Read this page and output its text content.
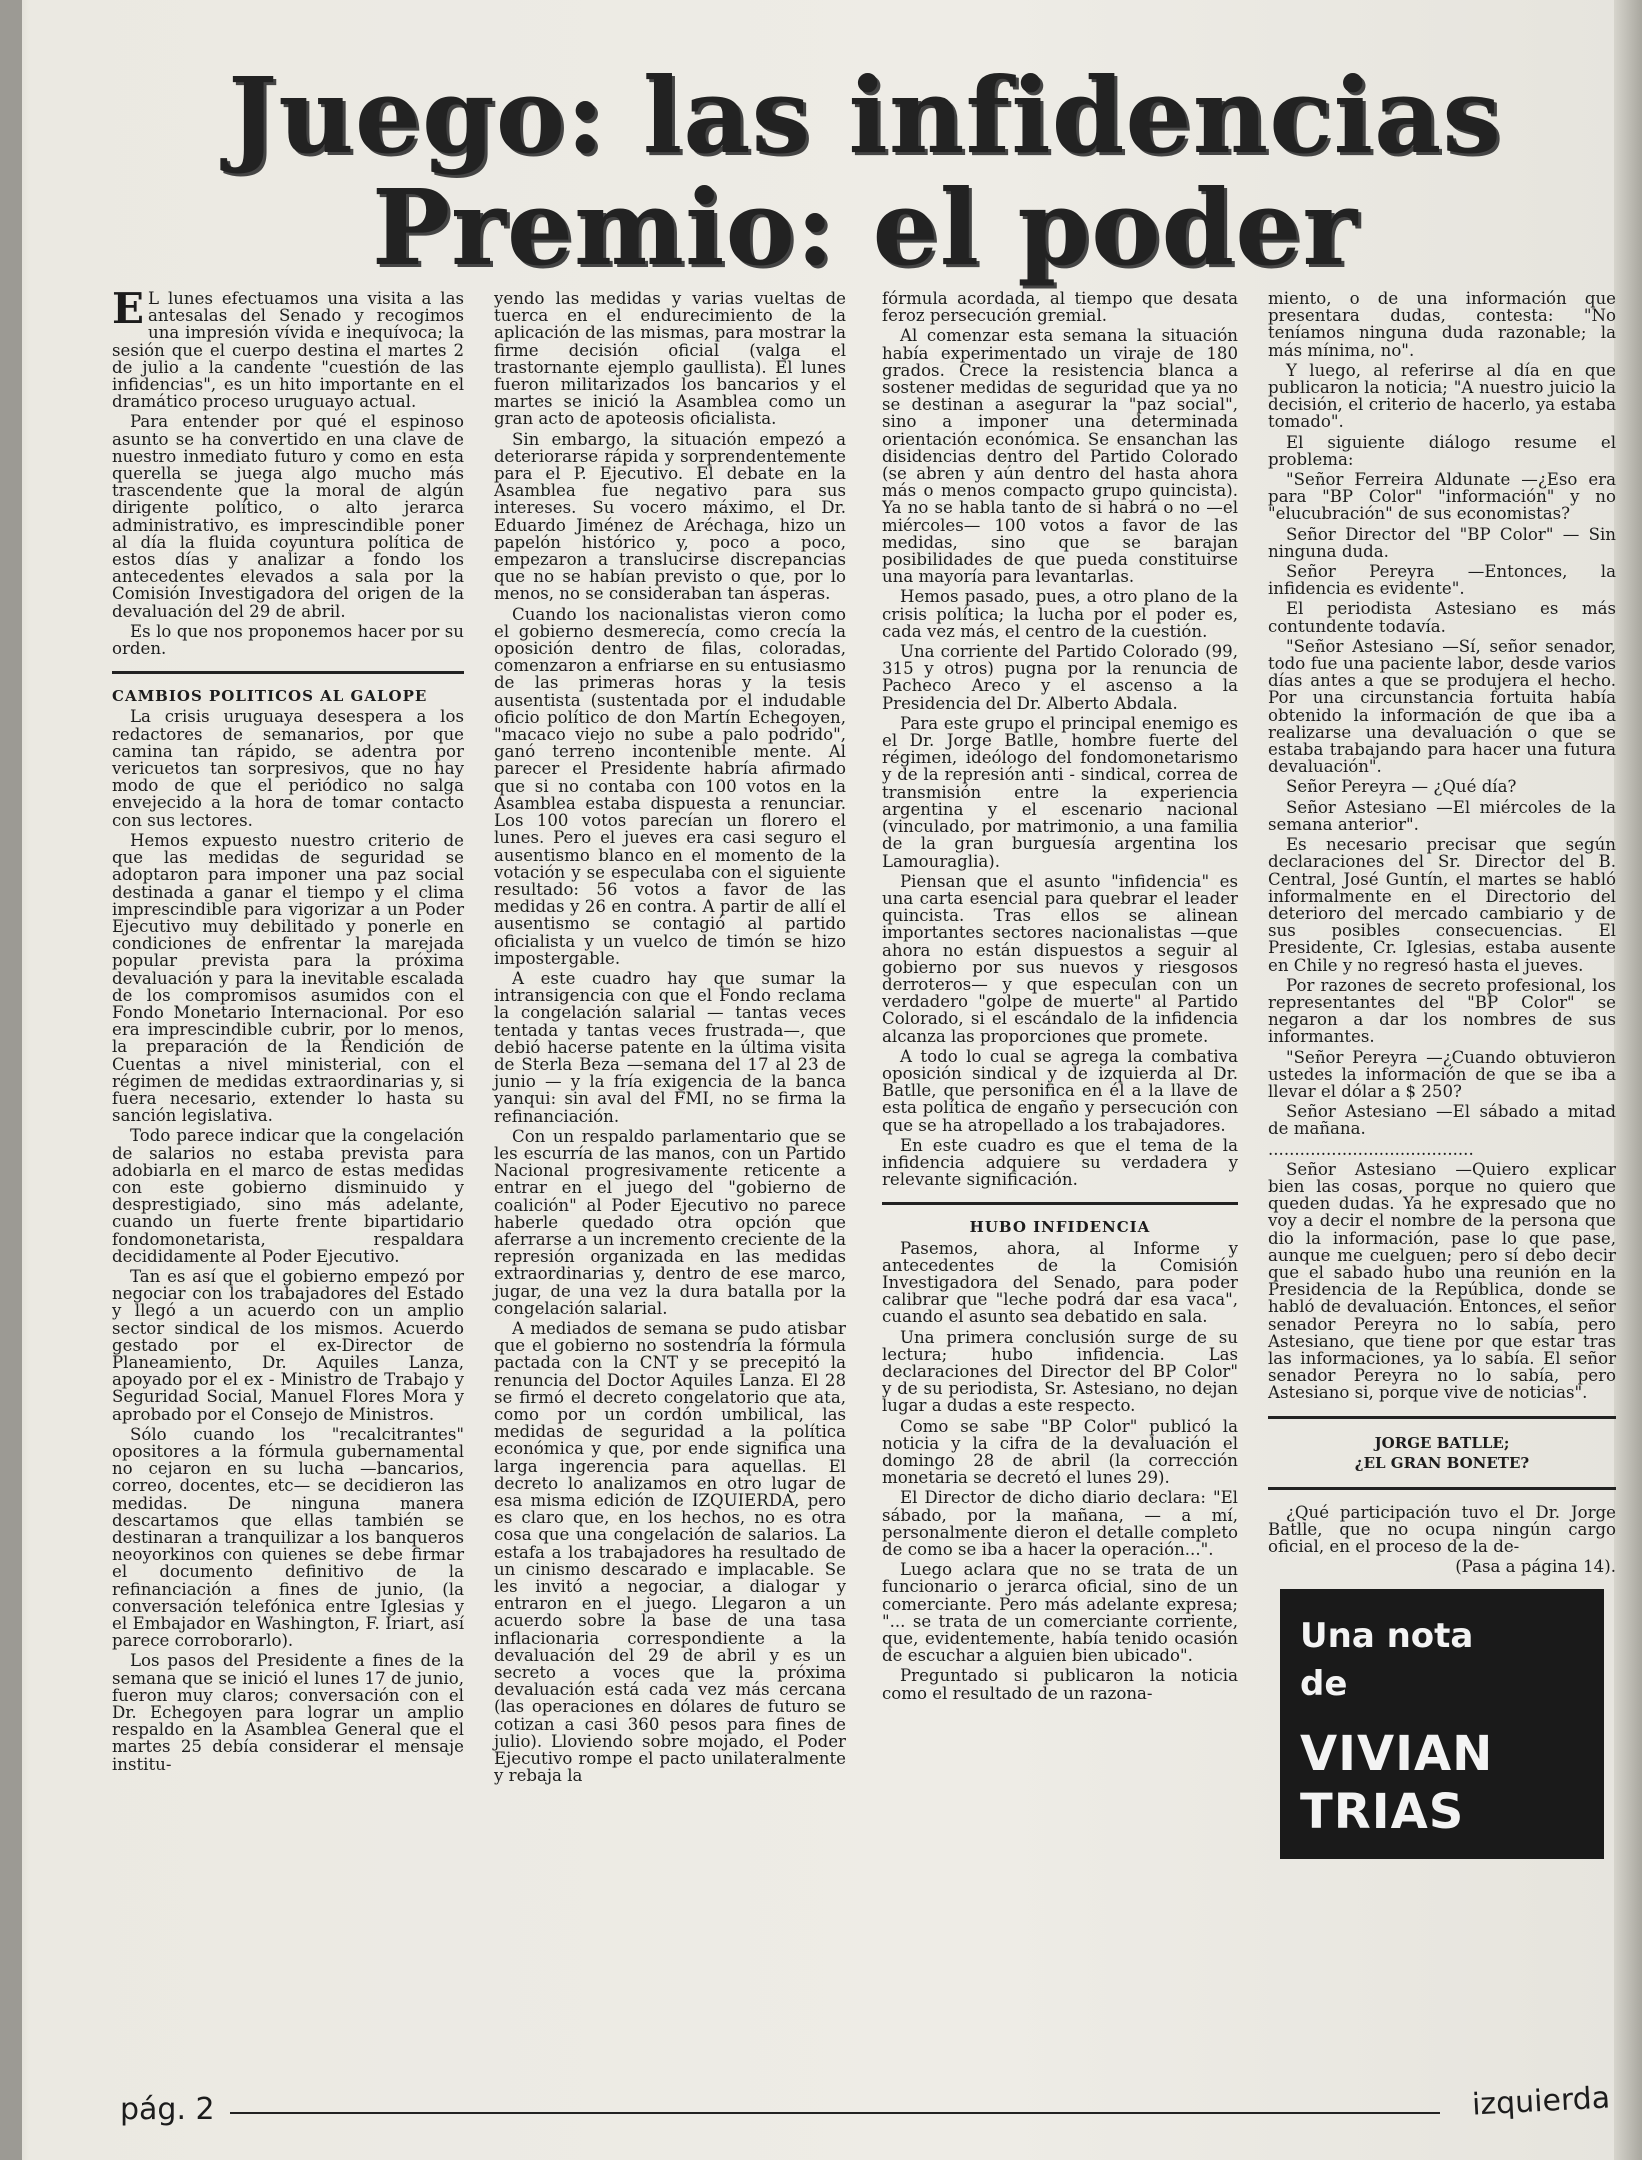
Juego: las infidencias
Premio: el poder

E L lunes efectuamos una visita a las antesalas del Senado y recogimos una impresión vívida e inequívoca; la sesión que el cuerpo destina el martes 2 de julio a la candente "cuestión de las infidencias", es un hito importante en el dramático proceso uruguayo actual.

Para entender por qué el espinoso asunto se ha convertido en una clave de nuestro inmediato futuro y como en esta querella se juega algo mucho más trascendente que la moral de algún dirigente político, o alto jerarca administrativo, es imprescindible poner al día la fluida coyuntura política de estos días y analizar a fondo los antecedentes elevados a sala por la Comisión Investigadora del origen de la devaluación del 29 de abril.

Es lo que nos proponemos hacer por su orden.

CAMBIOS POLITICOS AL GALOPE

La crisis uruguaya desespera a los redactores de semanarios, por que camina tan rápido, se adentra por vericuetos tan sorpresivos, que no hay modo de que el periódico no salga envejecido a la hora de tomar contacto con sus lectores.

Hemos expuesto nuestro criterio de que las medidas de seguridad se adoptaron para imponer una paz social destinada a ganar el tiempo y el clima imprescindible para vigorizar a un Poder Ejecutivo muy debilitado y ponerle en condiciones de enfrentar la marejada popular prevista para la próxima devaluación y para la inevitable escalada de los compromisos asumidos con el Fondo Monetario Internacional. Por eso era imprescindible cubrir, por lo menos, la preparación de la Rendición de Cuentas a nivel ministerial, con el régimen de medidas extraordinarias y, si fuera necesario, extender lo hasta su sanción legislativa.

Todo parece indicar que la congelación de salarios no estaba prevista para adobiarla en el marco de estas medidas con este gobierno disminuido y desprestigiado, sino más adelante, cuando un fuerte frente bipartidario fondomonetarista, respaldara decididamente al Poder Ejecutivo.

Tan es así que el gobierno empezó por negociar con los trabajadores del Estado y llegó a un acuerdo con un amplio sector sindical de los mismos. Acuerdo gestado por el ex-Director de Planeamiento, Dr. Aquiles Lanza, apoyado por el ex - Ministro de Trabajo y Seguridad Social, Manuel Flores Mora y aprobado por el Consejo de Ministros.

Sólo cuando los "recalcitrantes" opositores a la fórmula gubernamental no cejaron en su lucha —bancarios, correo, docentes, etc— se decidieron las medidas. De ninguna manera descartamos que ellas también se destinaran a tranquilizar a los banqueros neoyorkinos con quienes se debe firmar el documento definitivo de la refinanciación a fines de junio, (la conversación telefónica entre Iglesias y el Embajador en Washington, F. Iriart, así parece corroborarlo).

Los pasos del Presidente a fines de la semana que se inició el lunes 17 de junio, fueron muy claros; conversación con el Dr. Echegoyen para lograr un amplio respaldo en la Asamblea General que el martes 25 debía considerar el mensaje institu-

yendo las medidas y varias vueltas de tuerca en el endurecimiento de la aplicación de las mismas, para mostrar la firme decisión oficial (valga el trastornante ejemplo gaullista). El lunes fueron militarizados los bancarios y el martes se inició la Asamblea como un gran acto de apoteosis oficialista.

Sin embargo, la situación empezó a deteriorarse rápida y sorprendentemente para el P. Ejecutivo. El debate en la Asamblea fue negativo para sus intereses. Su vocero máximo, el Dr. Eduardo Jiménez de Aréchaga, hizo un papelón histórico y, poco a poco, empezaron a translucirse discrepancias que no se habían previsto o que, por lo menos, no se consideraban tan ásperas.

Cuando los nacionalistas vieron como el gobierno desmerecía, como crecía la oposición dentro de filas, coloradas, comenzaron a enfriarse en su entusiasmo de las primeras horas y la tesis ausentista (sustentada por el indudable oficio político de don Martín Echegoyen, "macaco viejo no sube a palo podrido", ganó terreno incontenible mente. Al parecer el Presidente habría afirmado que si no contaba con 100 votos en la Asamblea estaba dispuesta a renunciar. Los 100 votos parecían un florero el lunes. Pero el jueves era casi seguro el ausentismo blanco en el momento de la votación y se especulaba con el siguiente resultado: 56 votos a favor de las medidas y 26 en contra. A partir de allí el ausentismo se contagió al partido oficialista y un vuelco de timón se hizo impostergable.

A este cuadro hay que sumar la intransigencia con que el Fondo reclama la congelación salarial — tantas veces tentada y tantas veces frustrada—, que debió hacerse patente en la última visita de Sterla Beza —semana del 17 al 23 de junio — y la fría exigencia de la banca yanqui: sin aval del FMI, no se firma la refinanciación.

Con un respaldo parlamentario que se les escurría de las manos, con un Partido Nacional progresivamente reticente a entrar en el juego del "gobierno de coalición" al Poder Ejecutivo no parece haberle quedado otra opción que aferrarse a un incremento creciente de la represión organizada en las medidas extraordinarias y, dentro de ese marco, jugar, de una vez la dura batalla por la congelación salarial.

A mediados de semana se pudo atisbar que el gobierno no sostendría la fórmula pactada con la CNT y se precepitó la renuncia del Doctor Aquiles Lanza. El 28 se firmó el decreto congelatorio que ata, como por un cordón umbilical, las medidas de seguridad a la política económica y que, por ende significa una larga ingerencia para aquellas. El decreto lo analizamos en otro lugar de esa misma edición de IZQUIERDA, pero es claro que, en los hechos, no es otra cosa que una congelación de salarios. La estafa a los trabajadores ha resultado de un cinismo descarado e implacable. Se les invitó a negociar, a dialogar y entraron en el juego. Llegaron a un acuerdo sobre la base de una tasa inflacionaria correspondiente a la devaluación del 29 de abril y es un secreto a voces que la próxima devaluación está cada vez más cercana (las operaciones en dólares de futuro se cotizan a casi 360 pesos para fines de julio). Lloviendo sobre mojado, el Poder Ejecutivo rompe el pacto unilateralmente y rebaja la

fórmula acordada, al tiempo que desata feroz persecución gremial.

Al comenzar esta semana la situación había experimentado un viraje de 180 grados. Crece la resistencia blanca a sostener medidas de seguridad que ya no se destinan a asegurar la "paz social", sino a imponer una determinada orientación económica. Se ensanchan las disidencias dentro del Partido Colorado (se abren y aún dentro del hasta ahora más o menos compacto grupo quincista). Ya no se habla tanto de si habrá o no —el miércoles— 100 votos a favor de las medidas, sino que se barajan posibilidades de que pueda constituirse una mayoría para levantarlas.

Hemos pasado, pues, a otro plano de la crisis política; la lucha por el poder es, cada vez más, el centro de la cuestión.

Una corriente del Partido Colorado (99, 315 y otros) pugna por la renuncia de Pacheco Areco y el ascenso a la Presidencia del Dr. Alberto Abdala.

Para este grupo el principal enemigo es el Dr. Jorge Batlle, hombre fuerte del régimen, ideólogo del fondomonetarismo y de la represión anti - sindical, correa de transmisión entre la experiencia argentina y el escenario nacional (vinculado, por matrimonio, a una familia de la gran burguesía argentina los Lamouraglia).

Piensan que el asunto "infidencia" es una carta esencial para quebrar el leader quincista. Tras ellos se alinean importantes sectores nacionalistas —que ahora no están dispuestos a seguir al gobierno por sus nuevos y riesgosos derroteros— y que especulan con un verdadero "golpe de muerte" al Partido Colorado, si el escándalo de la infidencia alcanza las proporciones que promete.

A todo lo cual se agrega la combativa oposición sindical y de izquierda al Dr. Batlle, que personifica en él a la llave de esta política de engaño y persecución con que se ha atropellado a los trabajadores.

En este cuadro es que el tema de la infidencia adquiere su verdadera y relevante significación.

HUBO INFIDENCIA

Pasemos, ahora, al Informe y antecedentes de la Comisión Investigadora del Senado, para poder calibrar que "leche podrá dar esa vaca", cuando el asunto sea debatido en sala.

Una primera conclusión surge de su lectura; hubo infidencia. Las declaraciones del Director del BP Color" y de su periodista, Sr. Astesiano, no dejan lugar a dudas a este respecto.

Como se sabe "BP Color" publicó la noticia y la cifra de la devaluación el domingo 28 de abril (la corrección monetaria se decretó el lunes 29).

El Director de dicho diario declara: "El sábado, por la mañana, — a mí, personalmente dieron el detalle completo de como se iba a hacer la operación...".

Luego aclara que no se trata de un funcionario o jerarca oficial, sino de un comerciante. Pero más adelante expresa; "... se trata de un comerciante corriente, que, evidentemente, había tenido ocasión de escuchar a alguien bien ubicado".

Preguntado si publicaron la noticia como el resultado de un razona-

miento, o de una información que presentara dudas, contesta: "No teníamos ninguna duda razonable; la más mínima, no".

Y luego, al referirse al día en que publicaron la noticia; "A nuestro juicio la decisión, el criterio de hacerlo, ya estaba tomado".

El siguiente diálogo resume el problema:

"Señor Ferreira Aldunate —¿Eso era para "BP Color" "información" y no "elucubración" de sus economistas?

Señor Director del "BP Color" — Sin ninguna duda.

Señor Pereyra —Entonces, la infidencia es evidente".

El periodista Astesiano es más contundente todavía.

"Señor Astesiano —Sí, señor senador, todo fue una paciente labor, desde varios días antes a que se produjera el hecho. Por una circunstancia fortuita había obtenido la información de que iba a realizarse una devaluación o que se estaba trabajando para hacer una futura devaluación".

Señor Pereyra — ¿Qué día?

Señor Astesiano —El miércoles de la semana anterior".

Es necesario precisar que según declaraciones del Sr. Director del B. Central, José Guntín, el martes se habló informalmente en el Directorio del deterioro del mercado cambiario y de sus posibles consecuencias. El Presidente, Cr. Iglesias, estaba ausente en Chile y no regresó hasta el jueves.

Por razones de secreto profesional, los representantes del "BP Color" se negaron a dar los nombres de sus informantes.

"Señor Pereyra —¿Cuando obtuvieron ustedes la información de que se iba a llevar el dólar a $ 250?

Señor Astesiano —El sábado a mitad de mañana.

.......................................

Señor Astesiano —Quiero explicar bien las cosas, porque no quiero que queden dudas. Ya he expresado que no voy a decir el nombre de la persona que dio la información, pase lo que pase, aunque me cuelguen; pero sí debo decir que el sabado hubo una reunión en la Presidencia de la República, donde se habló de devaluación. Entonces, el señor senador Pereyra no lo sabía, pero Astesiano, que tiene por que estar tras las informaciones, ya lo sabía. El señor senador Pereyra no lo sabía, pero Astesiano si, porque vive de noticias".

JORGE BATLLE;
¿EL GRAN BONETE?

¿Qué participación tuvo el Dr. Jorge Batlle, que no ocupa ningún cargo oficial, en el proceso de la de-

(Pasa a página 14).

Una nota
de
VIVIAN TRIAS
pág. 2	izquierda
